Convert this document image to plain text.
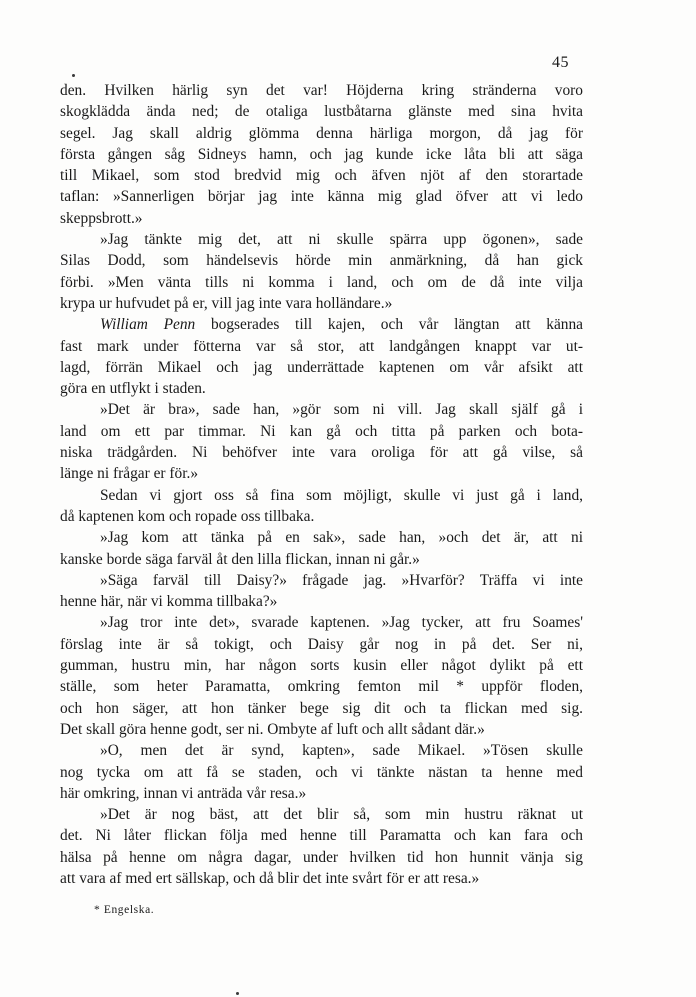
45
den. Hvilken härlig syn det var! Höjderna kring stränderna voro
skogklädda ända ned; de otaliga lustbåtarna glänste med sina hvita
segel. Jag skall aldrig glömma denna härliga morgon, då jag för
första gången såg Sidneys hamn, och jag kunde icke låta bli att säga
till Mikael, som stod bredvid mig och äfven njöt af den storartade
taflan: »Sannerligen börjar jag inte känna mig glad öfver att vi ledo
skeppsbrott.»
»Jag tänkte mig det, att ni skulle spärra upp ögonen», sade
Silas Dodd, som händelsevis hörde min anmärkning, då han gick
förbi. »Men vänta tills ni komma i land, och om de då inte vilja
krypa ur hufvudet på er, vill jag inte vara holländare.»
William Penn bogserades till kajen, och vår längtan att känna
fast mark under fötterna var så stor, att landgången knappt var ut-
lagd, förrän Mikael och jag underrättade kaptenen om vår afsikt att
göra en utflykt i staden.
»Det är bra», sade han, »gör som ni vill. Jag skall själf gå i
land om ett par timmar. Ni kan gå och titta på parken och bota-
niska trädgården. Ni behöfver inte vara oroliga för att gå vilse, så
länge ni frågar er för.»
Sedan vi gjort oss så fina som möjligt, skulle vi just gå i land,
då kaptenen kom och ropade oss tillbaka.
»Jag kom att tänka på en sak», sade han, »och det är, att ni
kanske borde säga farväl åt den lilla flickan, innan ni går.»
»Säga farväl till Daisy?» frågade jag. »Hvarför? Träffa vi inte
henne här, när vi komma tillbaka?»
»Jag tror inte det», svarade kaptenen. »Jag tycker, att fru Soames'
förslag inte är så tokigt, och Daisy går nog in på det. Ser ni,
gumman, hustru min, har någon sorts kusin eller något dylikt på ett
ställe, som heter Paramatta, omkring femton mil * uppför floden,
och hon säger, att hon tänker bege sig dit och ta flickan med sig.
Det skall göra henne godt, ser ni. Ombyte af luft och allt sådant där.»
»O, men det är synd, kapten», sade Mikael. »Tösen skulle
nog tycka om att få se staden, och vi tänkte nästan ta henne med
här omkring, innan vi anträda vår resa.»
»Det är nog bäst, att det blir så, som min hustru räknat ut
det. Ni låter flickan följa med henne till Paramatta och kan fara och
hälsa på henne om några dagar, under hvilken tid hon hunnit vänja sig
att vara af med ert sällskap, och då blir det inte svårt för er att resa.»
* Engelska.
